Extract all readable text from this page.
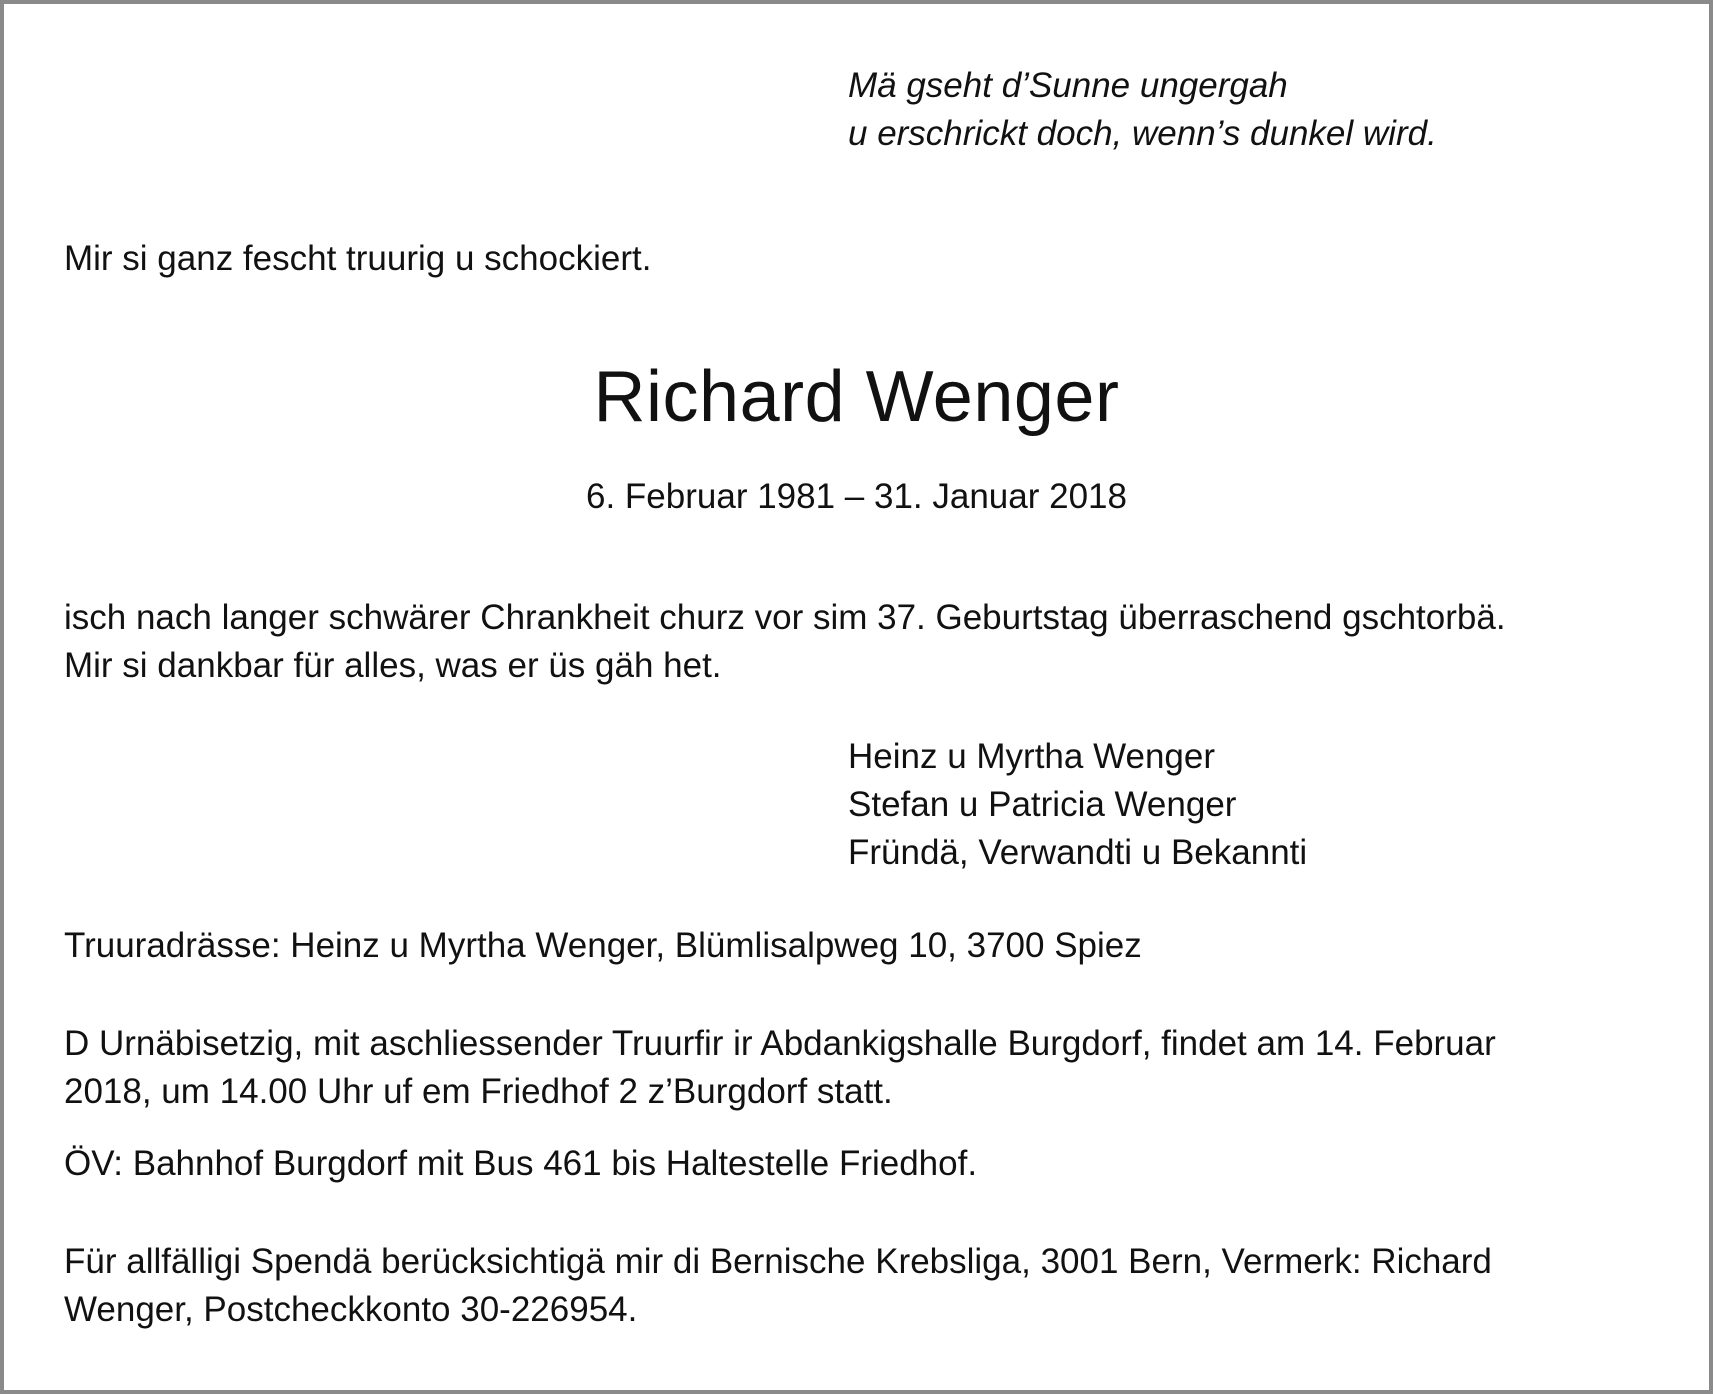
Mä gseht d’Sunne ungergah
u erschrickt doch, wenn’s dunkel wird.
Mir si ganz fescht truurig u schockiert.
Richard Wenger
6. Februar 1981 – 31. Januar 2018
isch nach langer schwärer Chrankheit churz vor sim 37. Geburtstag überraschend gschtorbä.
Mir si dankbar für alles, was er üs gäh het.
Heinz u Myrtha Wenger
Stefan u Patricia Wenger
Fründä, Verwandti u Bekannti
Truuradrässe: Heinz u Myrtha Wenger, Blümlisalpweg 10, 3700 Spiez
D Urnäbisetzig, mit aschliessender Truurfir ir Abdankigshalle Burgdorf, findet am 14. Februar
2018, um 14.00 Uhr uf em Friedhof 2 z’Burgdorf statt.
ÖV: Bahnhof Burgdorf mit Bus 461 bis Haltestelle Friedhof.
Für allfälligi Spendä berücksichtigä mir di Bernische Krebsliga, 3001 Bern, Vermerk: Richard
Wenger, Postcheckkonto 30-226954.
